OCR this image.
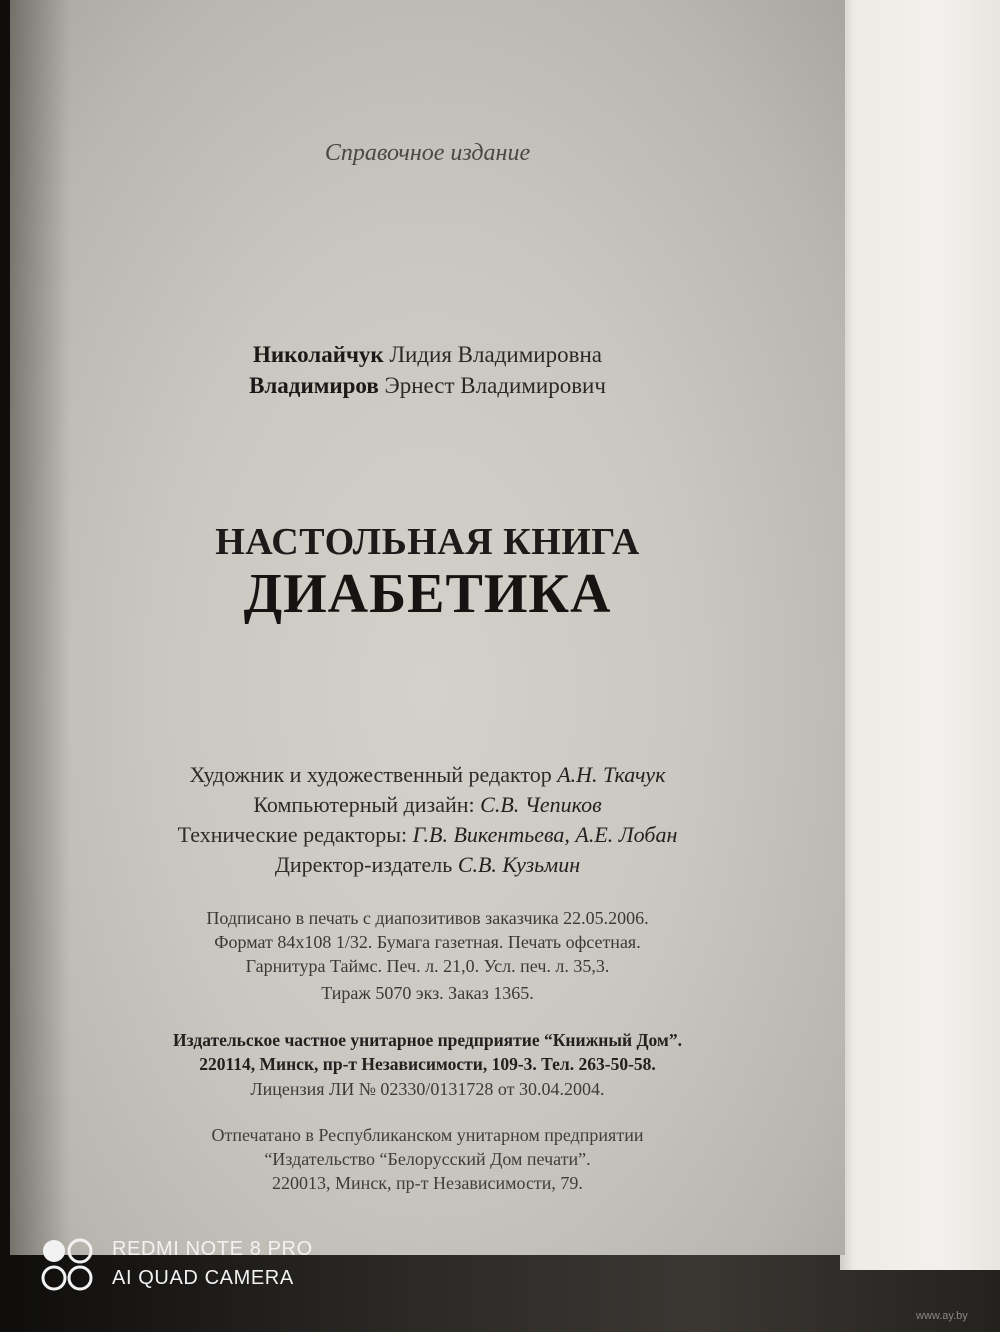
Справочное издание
Николайчук Лидия Владимировна
Владимиров Эрнест Владимирович
НАСТОЛЬНАЯ КНИГА
ДИАБЕТИКА
Художник и художественный редактор А.Н. Ткачук
Компьютерный дизайн: С.В. Чепиков
Технические редакторы: Г.В. Викентьева, А.Е. Лобан
Директор-издатель С.В. Кузьмин
Подписано в печать с диапозитивов заказчика 22.05.2006.
Формат 84x108 1/32. Бумага газетная. Печать офсетная.
Гарнитура Таймс. Печ. л. 21,0. Усл. печ. л. 35,3.
Тираж 5070 экз. Заказ 1365.
Издательское частное унитарное предприятие “Книжный Дом”.
220114, Минск, пр-т Независимости, 109-3. Тел. 263-50-58.
Лицензия ЛИ № 02330/0131728 от 30.04.2004.
Отпечатано в Республиканском унитарном предприятии
“Издательство “Белорусский Дом печати”.
220013, Минск, пр-т Независимости, 79.
REDMI NOTE 8 PRO
AI QUAD CAMERA
www.ay.by
